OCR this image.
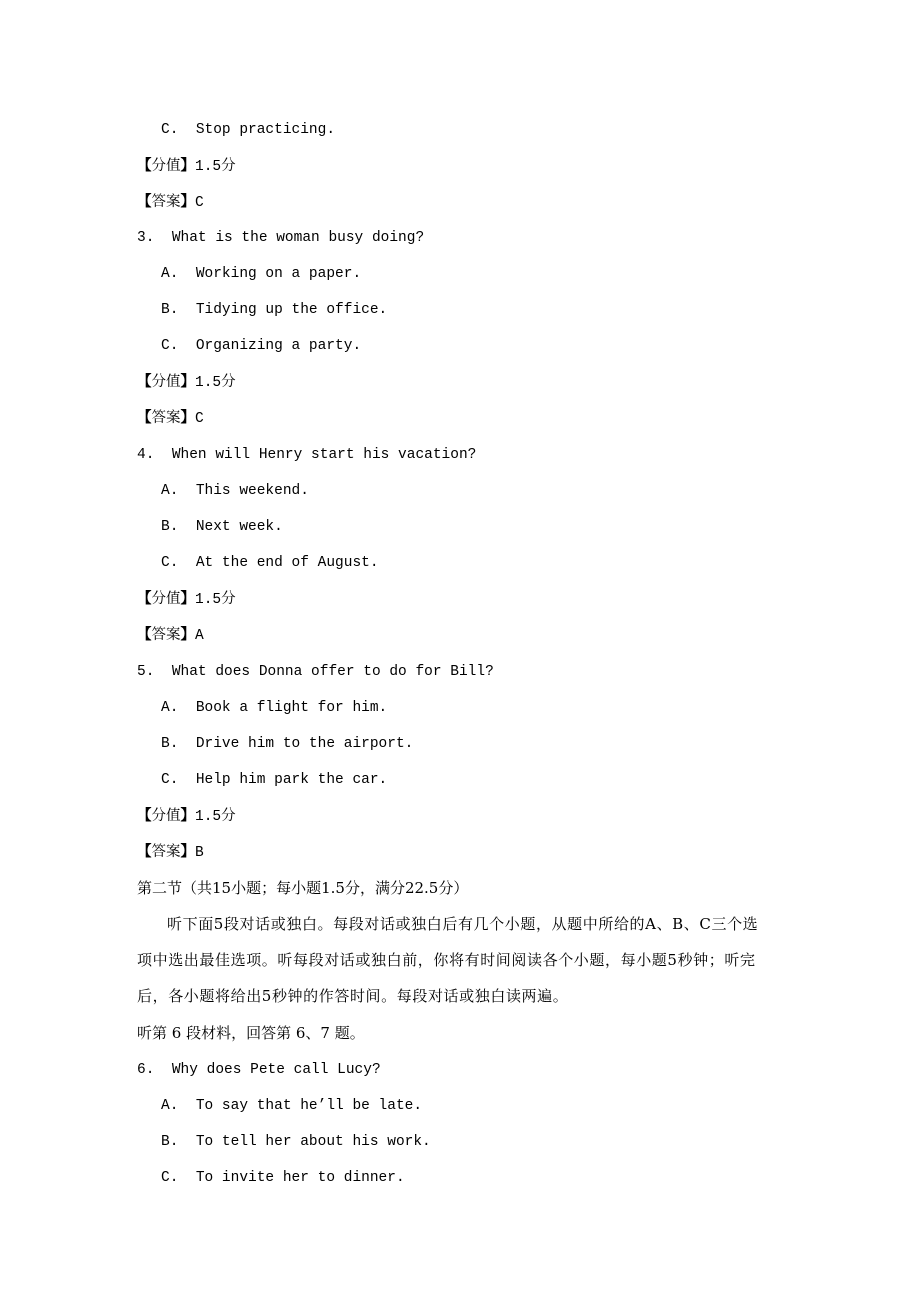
C. Stop practicing.
【分值】1.5分
【答案】C
3. What is the woman busy doing?
A. Working on a paper.
B. Tidying up the office.
C. Organizing a party.
【分值】1.5分
【答案】C
4. When will Henry start his vacation?
A. This weekend.
B. Next week.
C. At the end of August.
【分值】1.5分
【答案】A
5. What does Donna offer to do for Bill?
A. Book a flight for him.
B. Drive him to the airport.
C. Help him park the car.
【分值】1.5分
【答案】B
第二节（共15小题；每小题1.5分，满分22.5分）
听下面5段对话或独白。每段对话或独白后有几个小题，从题中所给的A、B、C三个选
项中选出最佳选项。听每段对话或独白前，你将有时间阅读各个小题，每小题5秒钟；听完
后，各小题将给出5秒钟的作答时间。每段对话或独白读两遍。
听第 6 段材料，回答第 6、7 题。
6. Why does Pete call Lucy?
A. To say that he’ll be late.
B. To tell her about his work.
C. To invite her to dinner.
